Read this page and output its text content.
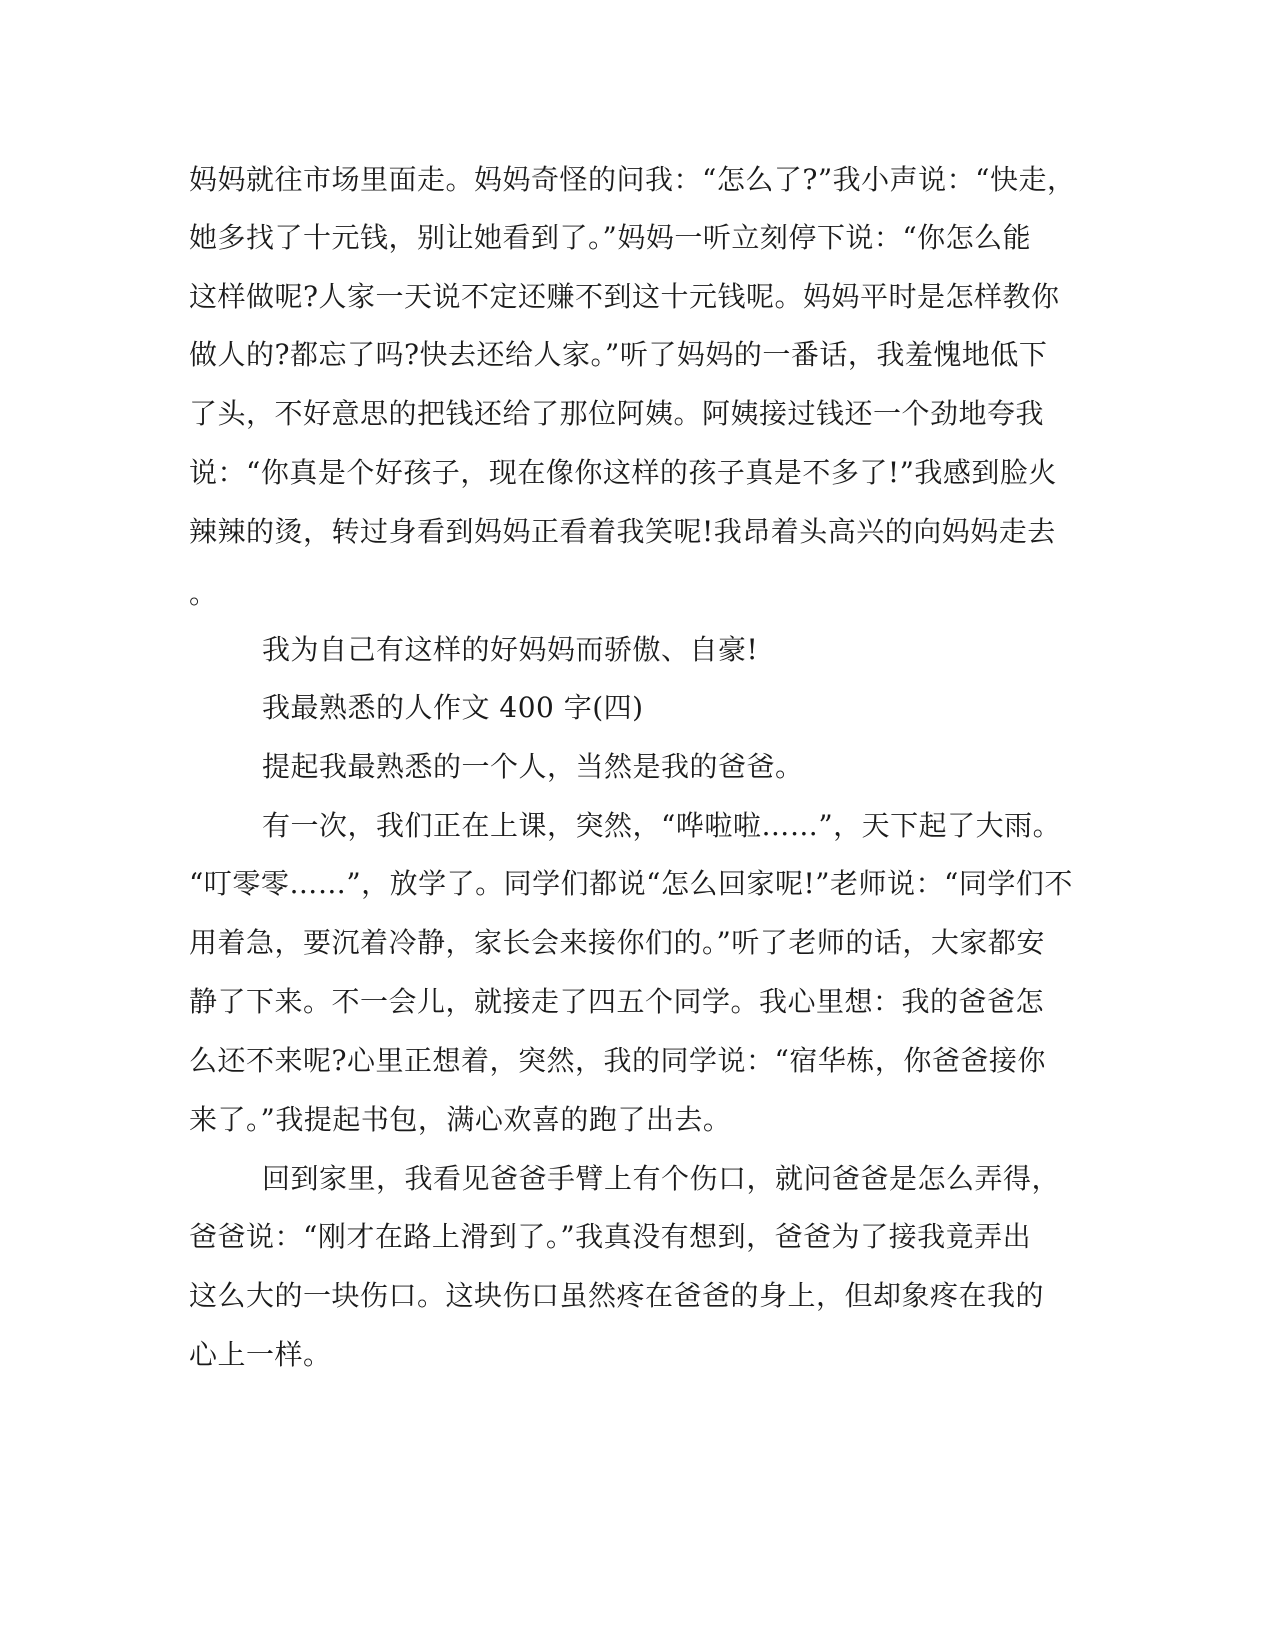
妈妈就往市场里面走。妈妈奇怪的问我：“怎么了?”我小声说：“快走，
她多找了十元钱，别让她看到了。”妈妈一听立刻停下说：“你怎么能
这样做呢?人家一天说不定还赚不到这十元钱呢。妈妈平时是怎样教你
做人的?都忘了吗?快去还给人家。”听了妈妈的一番话，我羞愧地低下
了头，不好意思的把钱还给了那位阿姨。阿姨接过钱还一个劲地夸我
说：“你真是个好孩子，现在像你这样的孩子真是不多了!”我感到脸火
辣辣的烫，转过身看到妈妈正看着我笑呢!我昂着头高兴的向妈妈走去
。
我为自己有这样的好妈妈而骄傲、自豪!
我最熟悉的人作文 400 字(四)
提起我最熟悉的一个人，当然是我的爸爸。
有一次，我们正在上课，突然，“哗啦啦……”，天下起了大雨。
“叮零零……”，放学了。同学们都说“怎么回家呢!”老师说：“同学们不
用着急，要沉着冷静，家长会来接你们的。”听了老师的话，大家都安
静了下来。不一会儿，就接走了四五个同学。我心里想：我的爸爸怎
么还不来呢?心里正想着，突然，我的同学说：“宿华栋，你爸爸接你
来了。”我提起书包，满心欢喜的跑了出去。
回到家里，我看见爸爸手臂上有个伤口，就问爸爸是怎么弄得，
爸爸说：“刚才在路上滑到了。”我真没有想到，爸爸为了接我竟弄出
这么大的一块伤口。这块伤口虽然疼在爸爸的身上，但却象疼在我的
心上一样。
